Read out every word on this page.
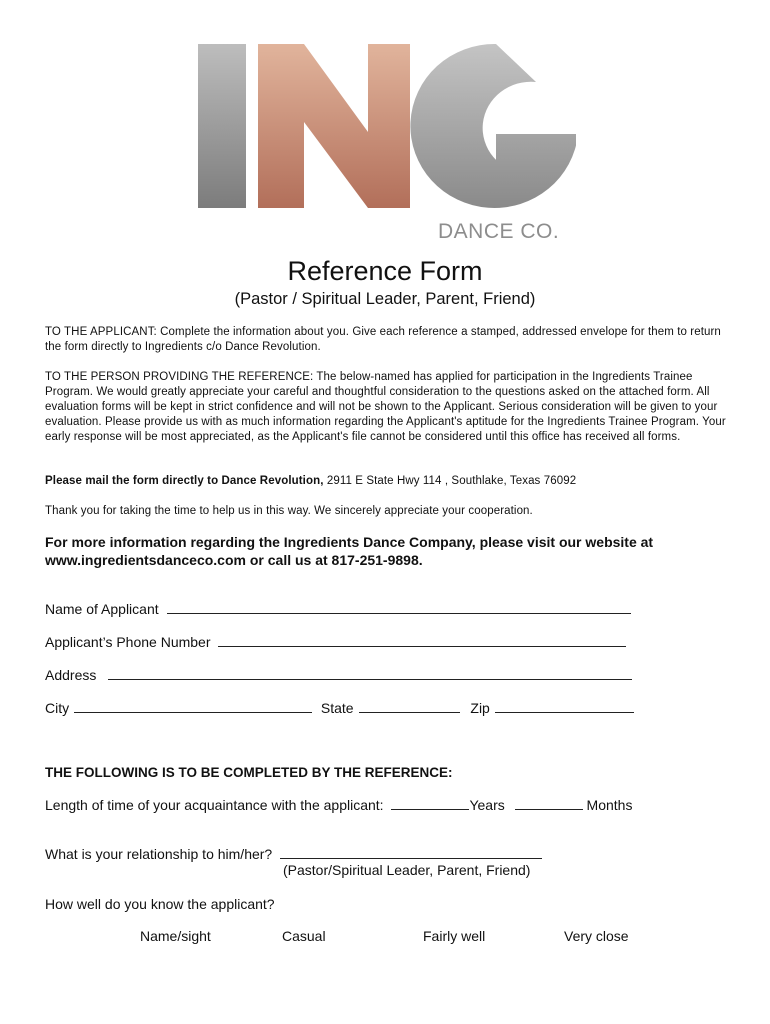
DANCE CO.
Reference Form
(Pastor / Spiritual Leader, Parent, Friend)
TO THE APPLICANT: Complete the information about you. Give each reference a stamped, addressed envelope for them to return the form directly to Ingredients c/o Dance Revolution.
TO THE PERSON PROVIDING THE REFERENCE: The below-named has applied for participation in the Ingredients Trainee Program. We would greatly appreciate your careful and thoughtful consideration to the questions asked on the attached form. All evaluation forms will be kept in strict confidence and will not be shown to the Applicant. Serious consideration will be given to your evaluation. Please provide us with as much information regarding the Applicant's aptitude for the Ingredients Trainee Program. Your early response will be most appreciated, as the Applicant's file cannot be considered until this office has received all forms.
Please mail the form directly to Dance Revolution, 2911 E State Hwy 114 , Southlake, Texas 76092
Thank you for taking the time to help us in this way. We sincerely appreciate your cooperation.
For more information regarding the Ingredients Dance Company, please visit our website at www.ingredientsdanceco.com or call us at 817-251-9898.
Name of Applicant
Applicant’s Phone Number
Address
City	State	Zip
THE FOLLOWING IS TO BE COMPLETED BY THE REFERENCE:
Length of time of your acquaintance with the applicant:	Years	Months
What is your relationship to him/her?
(Pastor/Spiritual Leader, Parent, Friend)
How well do you know the applicant?
Name/sight	Casual	Fairly well	Very close
